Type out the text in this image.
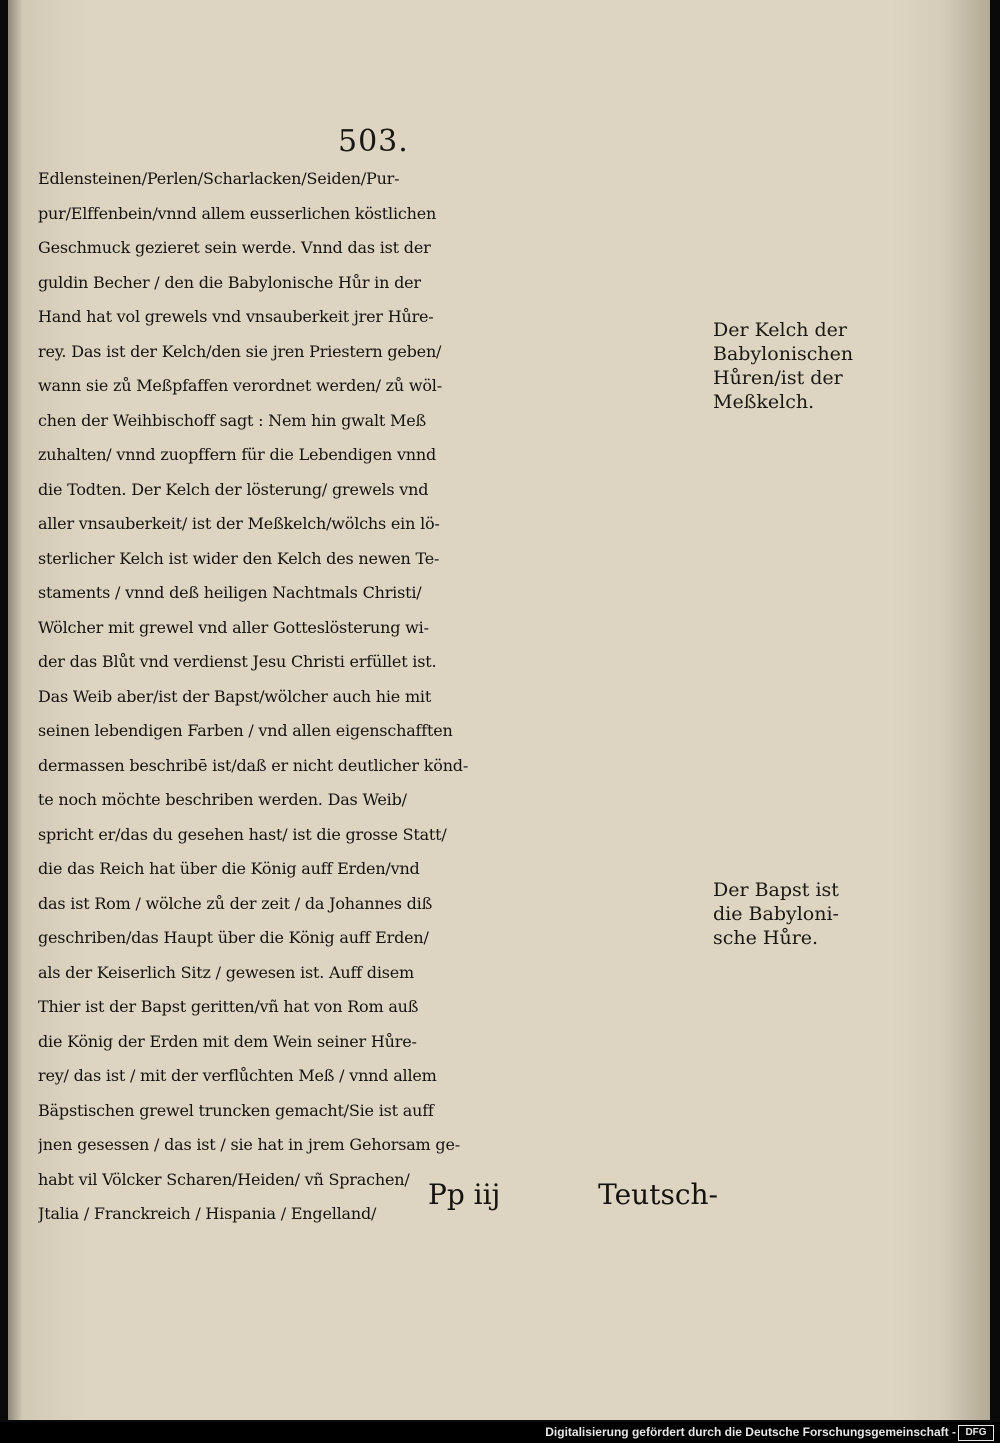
503.
Edlensteinen/Perlen/Scharlacken/Seiden/Pur-
pur/Elffenbein/vnnd allem eusserlichen köstlichen
Geschmuck gezieret sein werde. Vnnd das ist der
guldin Becher / den die Babylonische Hůr in der
Hand hat vol grewels vnd vnsauberkeit jrer Hůre-
rey. Das ist der Kelch/den sie jren Priestern geben/
wann sie zů Meßpfaffen verordnet werden/ zů wöl-
chen der Weihbischoff sagt : Nem hin gwalt Meß
zuhalten/ vnnd zuopffern für die Lebendigen vnnd
die Todten. Der Kelch der lösterung/ grewels vnd
aller vnsauberkeit/ ist der Meßkelch/wölchs ein lö-
sterlicher Kelch ist wider den Kelch des newen Te-
staments / vnnd deß heiligen Nachtmals Christi/
Wölcher mit grewel vnd aller Gotteslösterung wi-
der das Blůt vnd verdienst Jesu Christi erfüllet ist.
Das Weib aber/ist der Bapst/wölcher auch hie mit
seinen lebendigen Farben / vnd allen eigenschafften
dermassen beschribē ist/daß er nicht deutlicher könd-
te noch möchte beschriben werden. Das Weib/
spricht er/das du gesehen hast/ ist die grosse Statt/
die das Reich hat über die König auff Erden/vnd
das ist Rom / wölche zů der zeit / da Johannes diß
geschriben/das Haupt über die König auff Erden/
als der Keiserlich Sitz / gewesen ist. Auff disem
Thier ist der Bapst geritten/vñ hat von Rom auß
die König der Erden mit dem Wein seiner Hůre-
rey/ das ist / mit der verflůchten Meß / vnnd allem
Bäpstischen grewel truncken gemacht/Sie ist auff
jnen gesessen / das ist / sie hat in jrem Gehorsam ge-
habt vil Völcker Scharen/Heiden/ vñ Sprachen/
Jtalia / Franckreich / Hispania / Engelland/
Der Kelch der
Babylonischen
Hůren/ist der
Meßkelch.
Der Bapst ist
die Babyloni-
sche Hůre.
Pp iij	Teutsch-
Digitalisierung gefördert durch die Deutsche Forschungsgemeinschaft - DFG
